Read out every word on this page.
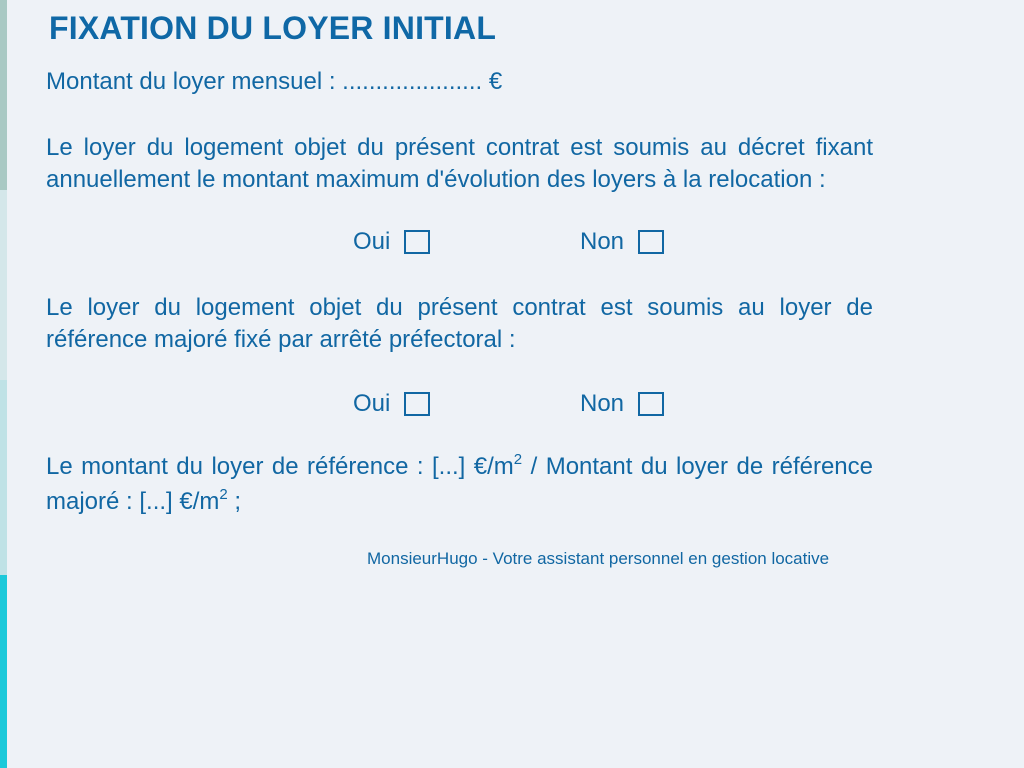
FIXATION DU LOYER INITIAL
Montant du loyer mensuel : ..................... €

Le loyer du logement objet du présent contrat est soumis au décret fixant annuellement le montant maximum d'évolution des loyers à la relocation :

Oui	Non

Le loyer du logement objet du présent contrat est soumis au loyer de référence majoré fixé par arrêté préfectoral :

Oui	Non

Le montant du loyer de référence : [...] $€/m^2$ / Montant du loyer de référence majoré : [...] $€/m^2$ ;

MonsieurHugo - Votre assistant personnel en gestion locative
